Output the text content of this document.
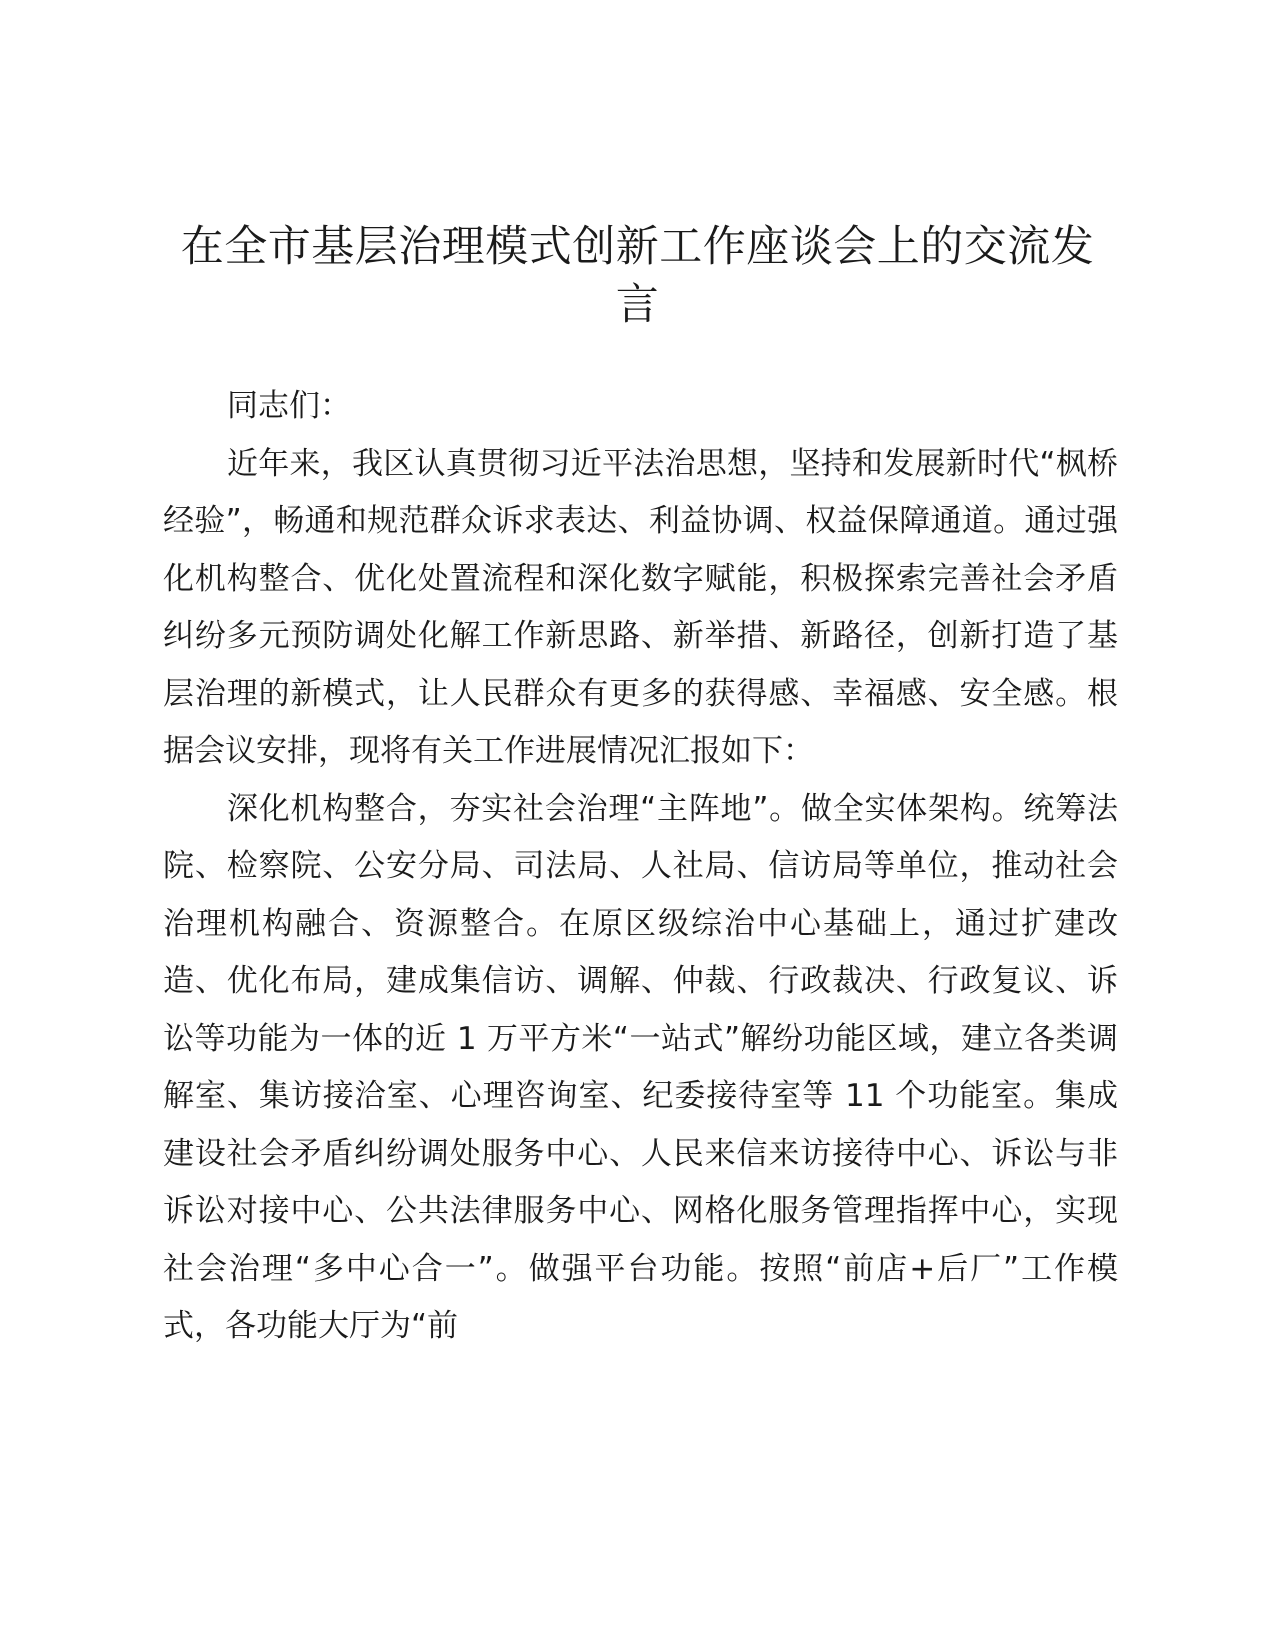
在全市基层治理模式创新工作座谈会上的交流发言

同志们：

近年来，我区认真贯彻习近平法治思想，坚持和发展新时代“枫桥经验”，畅通和规范群众诉求表达、利益协调、权益保障通道。通过强化机构整合、优化处置流程和深化数字赋能，积极探索完善社会矛盾纠纷多元预防调处化解工作新思路、新举措、新路径，创新打造了基层治理的新模式，让人民群众有更多的获得感、幸福感、安全感。根据会议安排，现将有关工作进展情况汇报如下：

深化机构整合，夯实社会治理“主阵地”。做全实体架构。统筹法院、检察院、公安分局、司法局、人社局、信访局等单位，推动社会治理机构融合、资源整合。在原区级综治中心基础上，通过扩建改造、优化布局，建成集信访、调解、仲裁、行政裁决、行政复议、诉讼等功能为一体的近 1 万平方米“一站式”解纷功能区域，建立各类调解室、集访接洽室、心理咨询室、纪委接待室等 11 个功能室。集成建设社会矛盾纠纷调处服务中心、人民来信来访接待中心、诉讼与非诉讼对接中心、公共法律服务中心、网格化服务管理指挥中心，实现社会治理“多中心合一”。做强平台功能。按照“前店+后厂”工作模式，各功能大厅为“前
